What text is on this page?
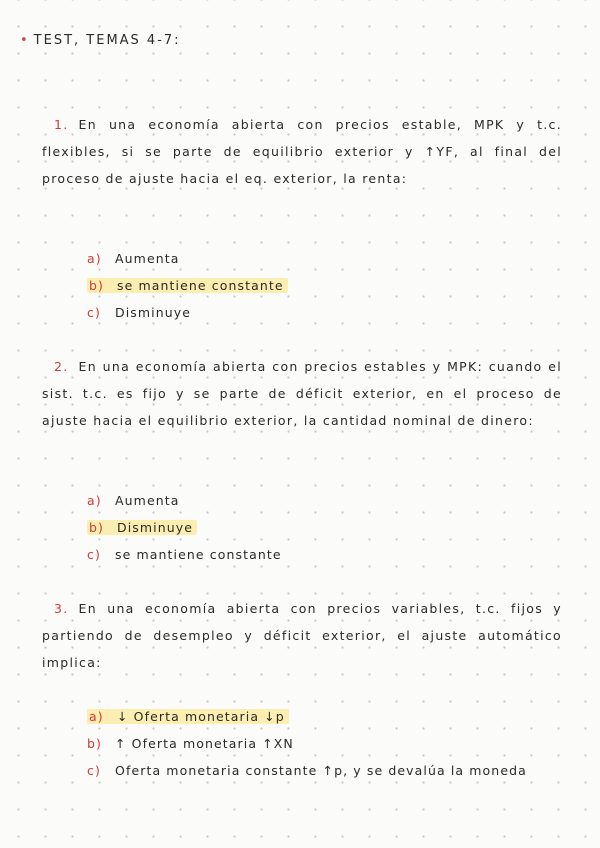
• TEST, TEMAS 4-7:
1. En una economía abierta con precios estable, MPK y t.c. flexibles, si se parte de equilibrio exterior y ↑YF, al final del proceso de ajuste hacia el eq. exterior, la renta:
a) Aumenta
b) se mantiene constante
c) Disminuye
2. En una economía abierta con precios estables y MPK: cuando el sist. t.c. es fijo y se parte de déficit exterior, en el proceso de ajuste hacia el equilibrio exterior, la cantidad nominal de dinero:
a) Aumenta
b) Disminuye
c) se mantiene constante
3. En una economía abierta con precios variables, t.c. fijos y partiendo de desempleo y déficit exterior, el ajuste automático implica:
a) ↓ Oferta monetaria ↓p
b) ↑ Oferta monetaria ↑XN
c) Oferta monetaria constante ↑p, y se devalúa la moneda
